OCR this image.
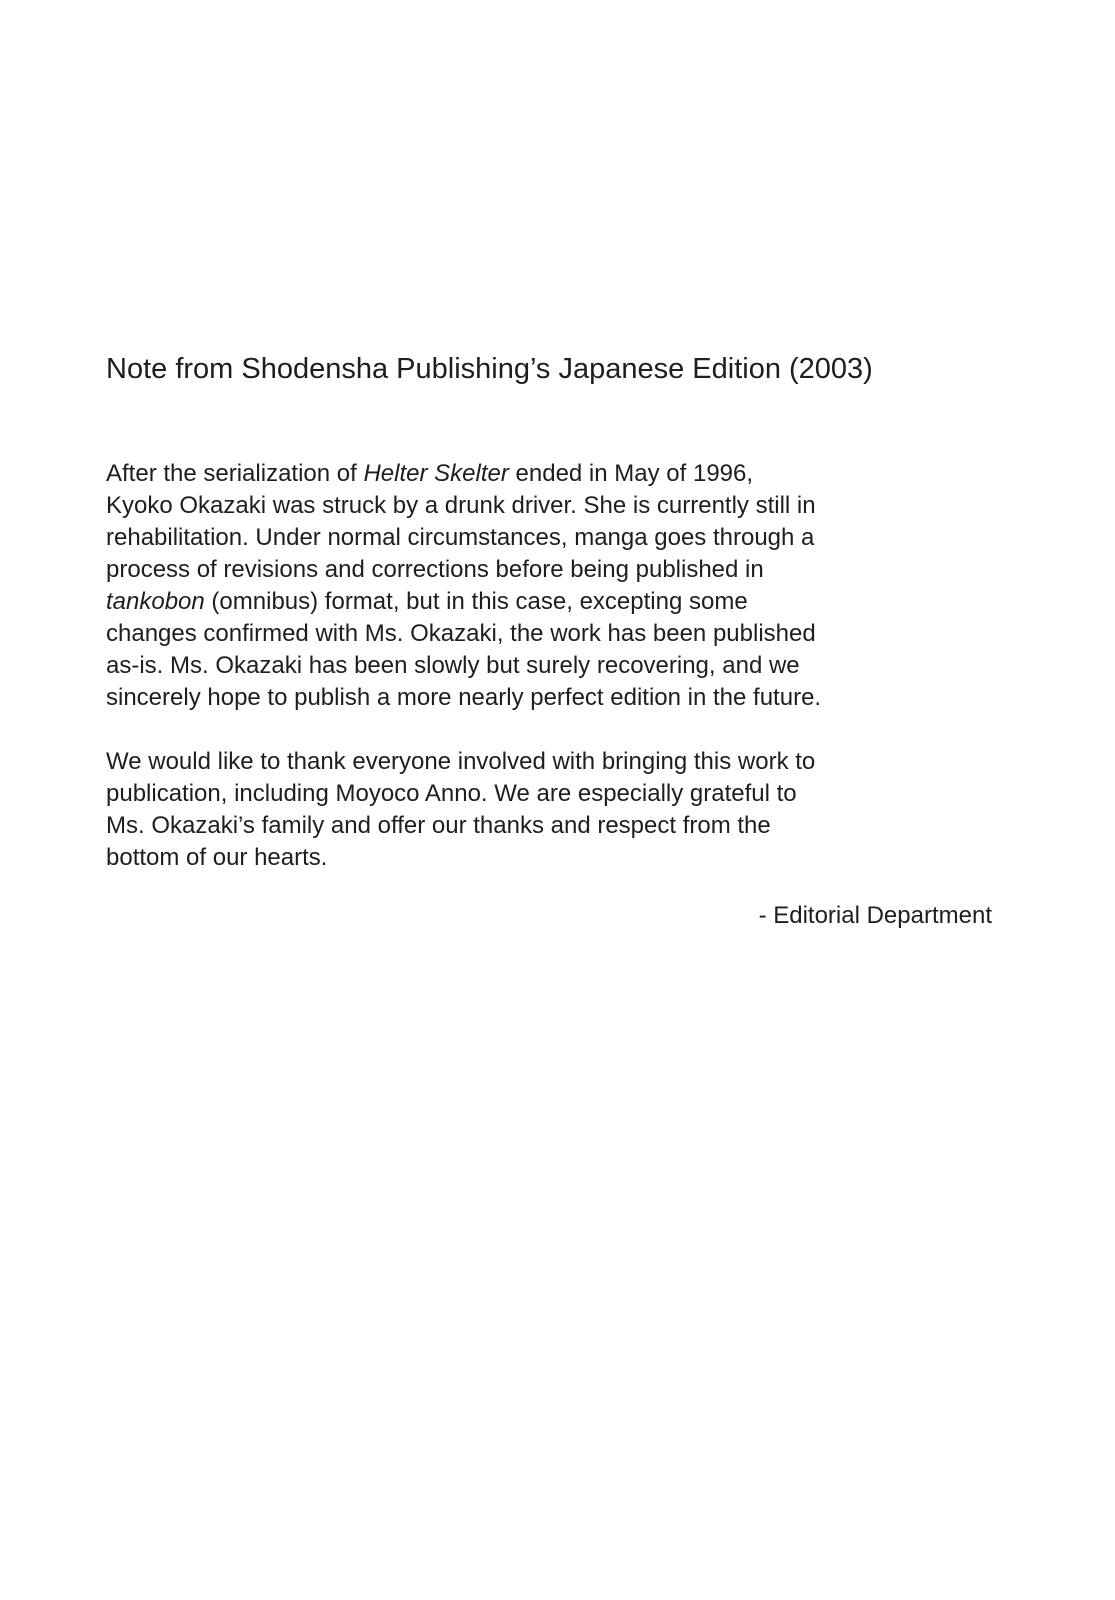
Note from Shodensha Publishing’s Japanese Edition (2003)
After the serialization of Helter Skelter ended in May of 1996,
Kyoko Okazaki was struck by a drunk driver. She is currently still in
rehabilitation. Under normal circumstances, manga goes through a
process of revisions and corrections before being published in
tankobon (omnibus) format, but in this case, excepting some
changes confirmed with Ms. Okazaki, the work has been published
as-is. Ms. Okazaki has been slowly but surely recovering, and we
sincerely hope to publish a more nearly perfect edition in the future.
We would like to thank everyone involved with bringing this work to
publication, including Moyoco Anno. We are especially grateful to
Ms. Okazaki’s family and offer our thanks and respect from the
bottom of our hearts.
- Editorial Department
